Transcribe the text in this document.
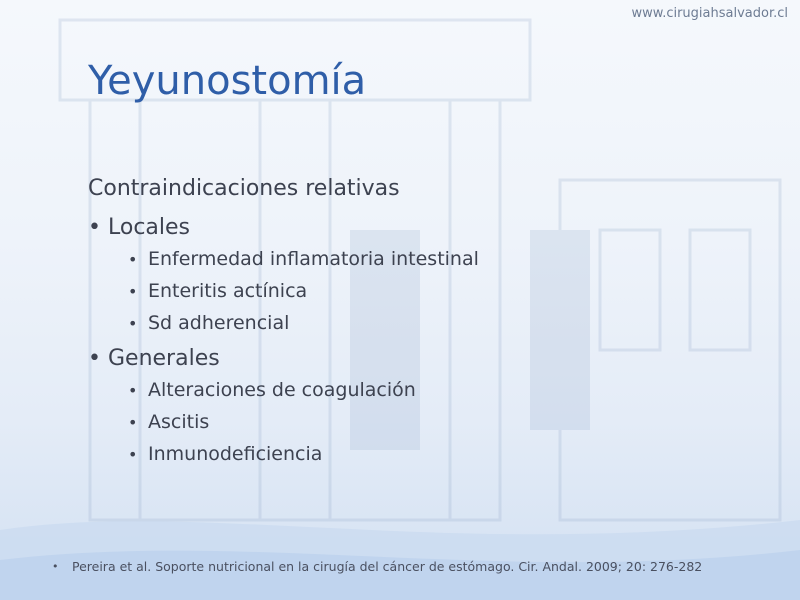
www.cirugiahsalvador.cl
Yeyunostomía
Contraindicaciones relativas
• Locales
• Enfermedad inflamatoria intestinal
• Enteritis actínica
• Sd adherencial
• Generales
• Alteraciones de coagulación
• Ascitis
• Inmunodeficiencia
•	Pereira et al. Soporte nutricional en la cirugía del cáncer de estómago. Cir. Andal. 2009; 20: 276-282
